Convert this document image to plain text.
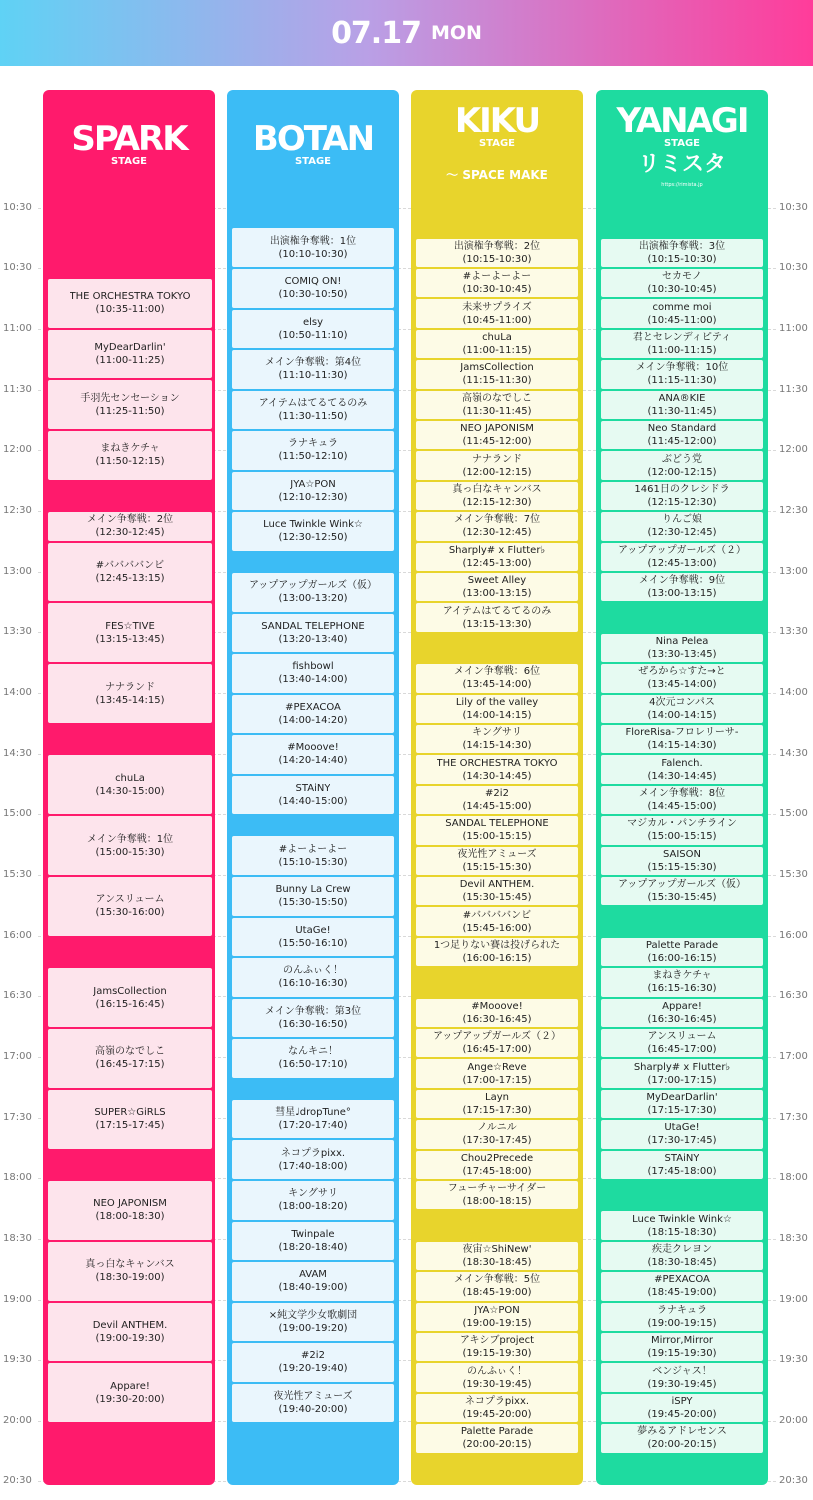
07.17 MON
10:30	10:30
10:30	10:30
11:00	11:00
11:30	11:30
12:00	12:00
12:30	12:30
13:00	13:00
13:30	13:30
14:00	14:00
14:30	14:30
15:00	15:00
15:30	15:30
16:00	16:00
16:30	16:30
17:00	17:00
17:30	17:30
18:00	18:00
18:30	18:30
19:00	19:00
19:30	19:30
20:00	20:00
20:30	20:30
SPARK
STAGE
THE ORCHESTRA TOKYO
(10:35-11:00)
MyDearDarlin'
(11:00-11:25)
手羽先センセーション
(11:25-11:50)
まねきケチャ
(11:50-12:15)
メイン争奪戦：2位
(12:30-12:45)
#ババババンビ
(12:45-13:15)
FES☆TIVE
(13:15-13:45)
ナナランド
(13:45-14:15)
chuLa
(14:30-15:00)
メイン争奪戦：1位
(15:00-15:30)
アンスリューム
(15:30-16:00)
JamsCollection
(16:15-16:45)
高嶺のなでしこ
(16:45-17:15)
SUPER☆GiRLS
(17:15-17:45)
NEO JAPONISM
(18:00-18:30)
真っ白なキャンバス
(18:30-19:00)
Devil ANTHEM.
(19:00-19:30)
Appare!
(19:30-20:00)
BOTAN
STAGE
出演権争奪戦：1位
(10:10-10:30)
COMIQ ON!
(10:30-10:50)
elsy
(10:50-11:10)
メイン争奪戦：第4位
(11:10-11:30)
アイテムはてるてるのみ
(11:30-11:50)
ラナキュラ
(11:50-12:10)
JYA☆PON
(12:10-12:30)
Luce Twinkle Wink☆
(12:30-12:50)
アップアップガールズ（仮）
(13:00-13:20)
SANDAL TELEPHONE
(13:20-13:40)
fishbowl
(13:40-14:00)
#PEXACOA
(14:00-14:20)
#Mooove!
(14:20-14:40)
STAiNY
(14:40-15:00)
#よーよーよー
(15:10-15:30)
Bunny La Crew
(15:30-15:50)
UtaGe!
(15:50-16:10)
のんふぃく！
(16:10-16:30)
メイン争奪戦：第3位
(16:30-16:50)
なんキニ！
(16:50-17:10)
彗星♩dropTune°
(17:20-17:40)
ネコプラpixx.
(17:40-18:00)
キングサリ
(18:00-18:20)
Twinpale
(18:20-18:40)
AVAM
(18:40-19:00)
×純文学少女歌劇団
(19:00-19:20)
#2i2
(19:20-19:40)
夜光性アミューズ
(19:40-20:00)
KIKU
STAGE
〜 SPACE MAKE
出演権争奪戦：2位
(10:15-10:30)
#よーよーよー
(10:30-10:45)
未来サプライズ
(10:45-11:00)
chuLa
(11:00-11:15)
JamsCollection
(11:15-11:30)
高嶺のなでしこ
(11:30-11:45)
NEO JAPONISM
(11:45-12:00)
ナナランド
(12:00-12:15)
真っ白なキャンバス
(12:15-12:30)
メイン争奪戦：7位
(12:30-12:45)
Sharply# x Flutter♭
(12:45-13:00)
Sweet Alley
(13:00-13:15)
アイテムはてるてるのみ
(13:15-13:30)
メイン争奪戦：6位
(13:45-14:00)
Lily of the valley
(14:00-14:15)
キングサリ
(14:15-14:30)
THE ORCHESTRA TOKYO
(14:30-14:45)
#2i2
(14:45-15:00)
SANDAL TELEPHONE
(15:00-15:15)
夜光性アミューズ
(15:15-15:30)
Devil ANTHEM.
(15:30-15:45)
#ババババンビ
(15:45-16:00)
1つ足りない賽は投げられた
(16:00-16:15)
#Mooove!
(16:30-16:45)
アップアップガールズ（２）
(16:45-17:00)
Ange☆Reve
(17:00-17:15)
Layn
(17:15-17:30)
ノルニル
(17:30-17:45)
Chou2Precede
(17:45-18:00)
フューチャーサイダー
(18:00-18:15)
夜宙☆ShiNew'
(18:30-18:45)
メイン争奪戦：5位
(18:45-19:00)
JYA☆PON
(19:00-19:15)
アキシブproject
(19:15-19:30)
のんふぃく！
(19:30-19:45)
ネコプラpixx.
(19:45-20:00)
Palette Parade
(20:00-20:15)
YANAGI
STAGE
リミスタ
https://rimista.jp
出演権争奪戦：3位
(10:15-10:30)
セカモノ
(10:30-10:45)
comme moi
(10:45-11:00)
君とセレンディピティ
(11:00-11:15)
メイン争奪戦：10位
(11:15-11:30)
ANA®KIE
(11:30-11:45)
Neo Standard
(11:45-12:00)
ぶどう党
(12:00-12:15)
1461日のクレシドラ
(12:15-12:30)
りんご娘
(12:30-12:45)
アップアップガールズ（２）
(12:45-13:00)
メイン争奪戦：9位
(13:00-13:15)
Nina Pelea
(13:30-13:45)
ぜろから☆すた→と
(13:45-14:00)
4次元コンパス
(14:00-14:15)
FloreRisa-フロレリーサ-
(14:15-14:30)
Falench.
(14:30-14:45)
メイン争奪戦：8位
(14:45-15:00)
マジカル・パンチライン
(15:00-15:15)
SAISON
(15:15-15:30)
アップアップガールズ（仮）
(15:30-15:45)
Palette Parade
(16:00-16:15)
まねきケチャ
(16:15-16:30)
Appare!
(16:30-16:45)
アンスリューム
(16:45-17:00)
Sharply# x Flutter♭
(17:00-17:15)
MyDearDarlin'
(17:15-17:30)
UtaGe!
(17:30-17:45)
STAiNY
(17:45-18:00)
Luce Twinkle Wink☆
(18:15-18:30)
疾走クレヨン
(18:30-18:45)
#PEXACOA
(18:45-19:00)
ラナキュラ
(19:00-19:15)
Mirror,Mirror
(19:15-19:30)
ベンジャス！
(19:30-19:45)
iSPY
(19:45-20:00)
夢みるアドレセンス
(20:00-20:15)
